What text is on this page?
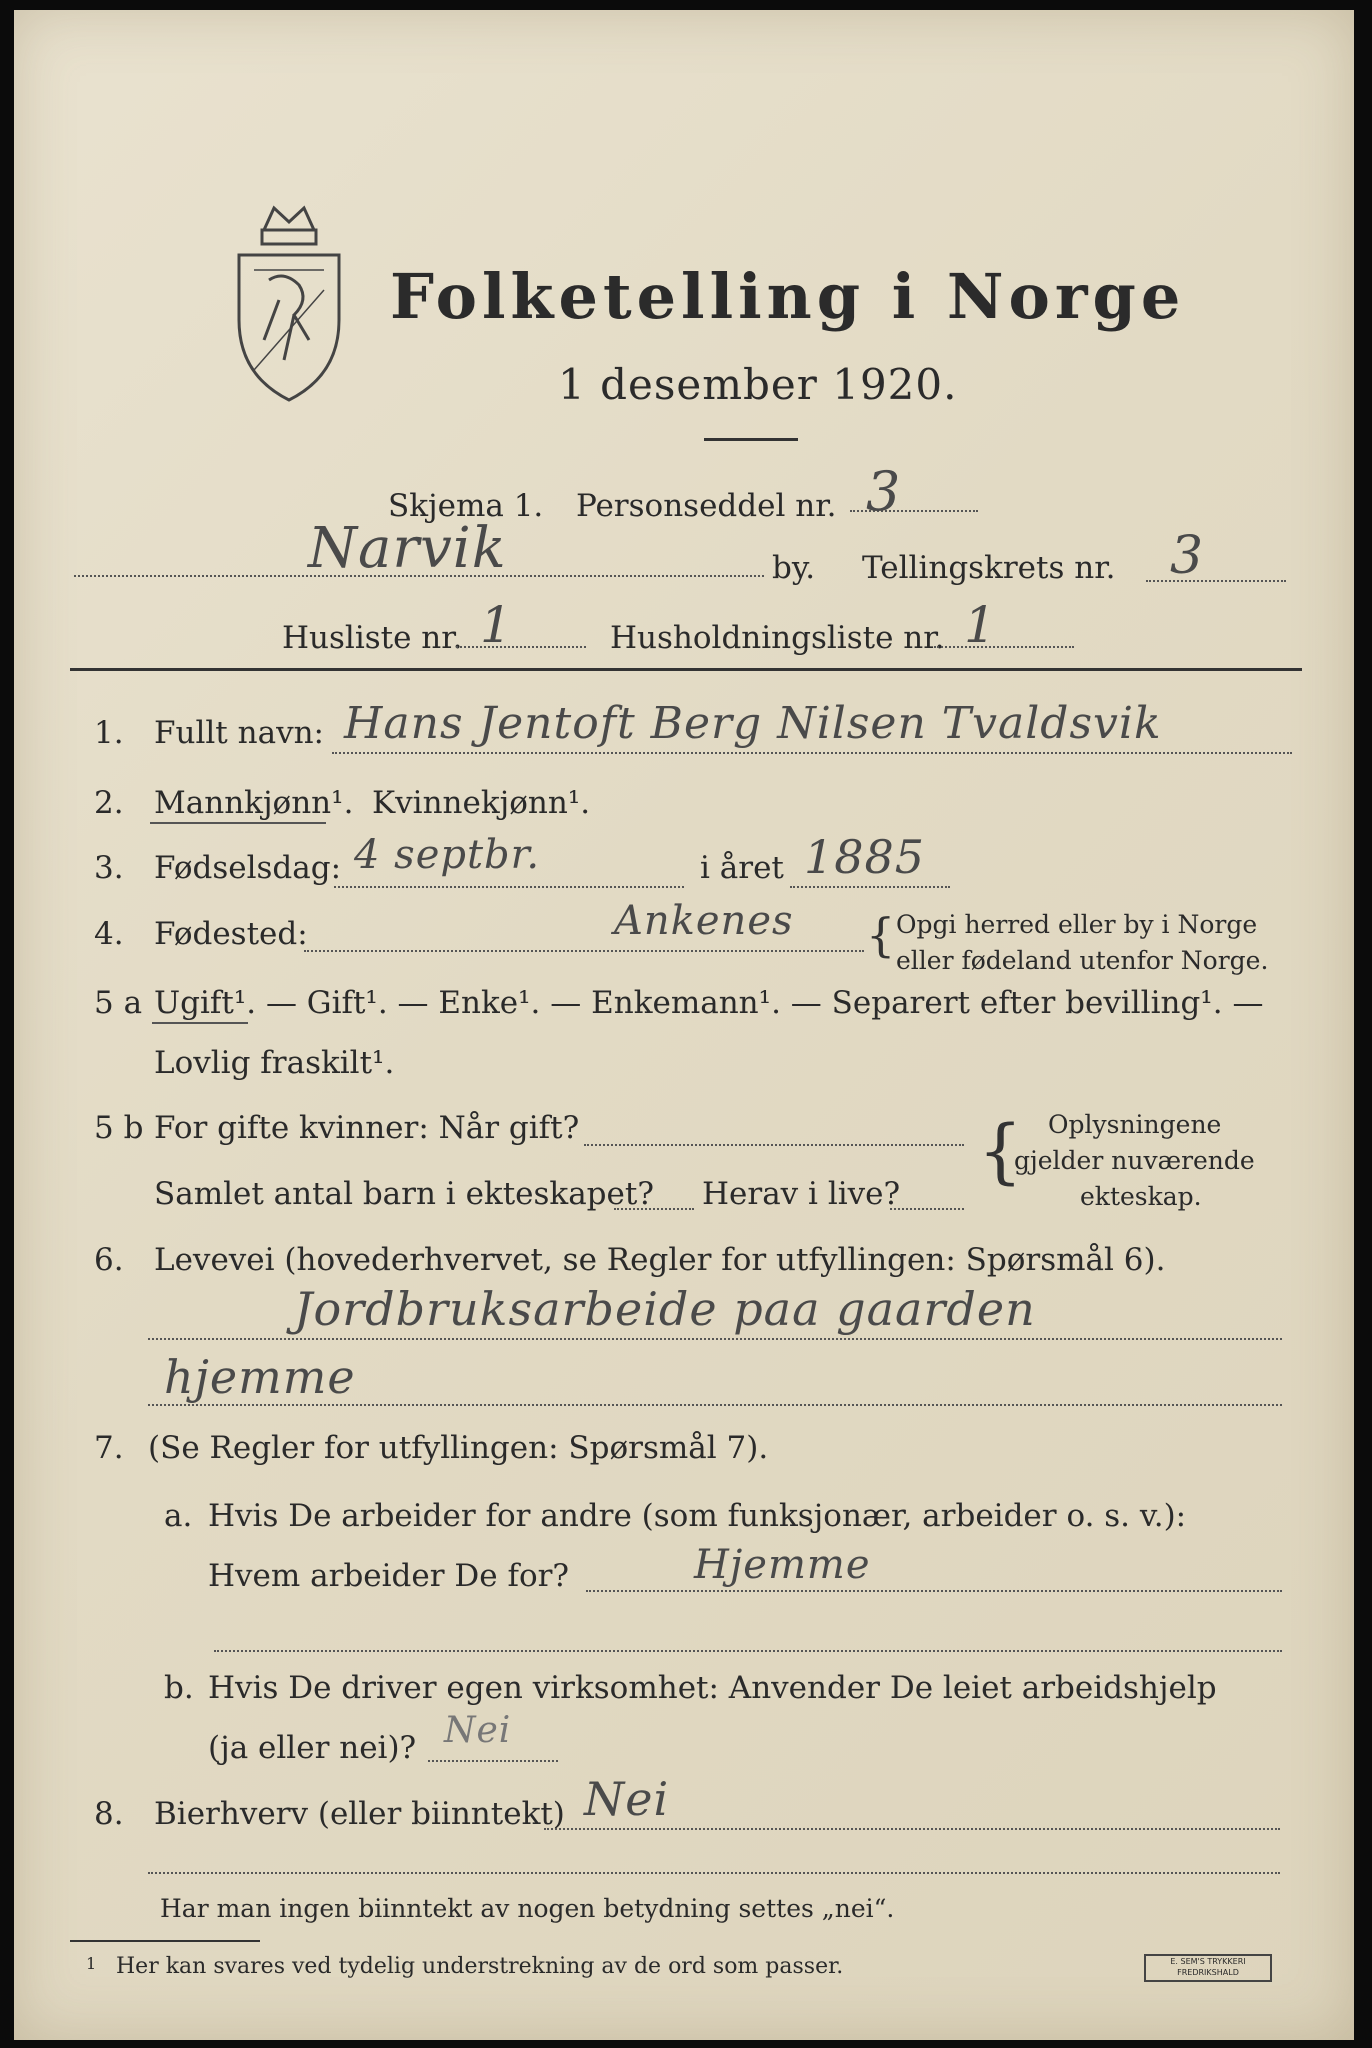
Folketelling i Norge
1 desember 1920.
Skjema 1. Personseddel nr. 3
Narvik	by. Tellingskrets nr. 3
Husliste nr. 1	Husholdningsliste nr. 1
1. Fullt navn: Hans Jentoft Berg Nilsen Tvaldsvik
2. Mannkjønn¹. Kvinnekjønn¹.
3. Fødselsdag: 4 septbr.	i året 1885
4. Fødested:	Ankenes { Opgi herred eller by i Norge
eller fødeland utenfor Norge.
5 a Ugift¹. — Gift¹. — Enke¹. — Enkemann¹. — Separert efter bevilling¹. —
Lovlig fraskilt¹.
5 b For gifte kvinner: Når gift?
Samlet antal barn i ekteskapet? Herav i live?
{ Oplysningene
gjelder nuværende
ekteskap.
6. Levevei (hovederhvervet, se Regler for utfyllingen: Spørsmål 6).
Jordbruksarbeide paa gaarden
hjemme
7. (Se Regler for utfyllingen: Spørsmål 7).
a. Hvis De arbeider for andre (som funksjonær, arbeider o. s. v.):
Hvem arbeider De for?	Hjemme
b. Hvis De driver egen virksomhet: Anvender De leiet arbeidshjelp
(ja eller nei)? Nei
8. Bierhverv (eller biinntekt) Nei
Har man ingen biinntekt av nogen betydning settes „nei“.
1 Her kan svares ved tydelig understrekning av de ord som passer.	E. SEM'S TRYKKERI FREDRIKSHALD
